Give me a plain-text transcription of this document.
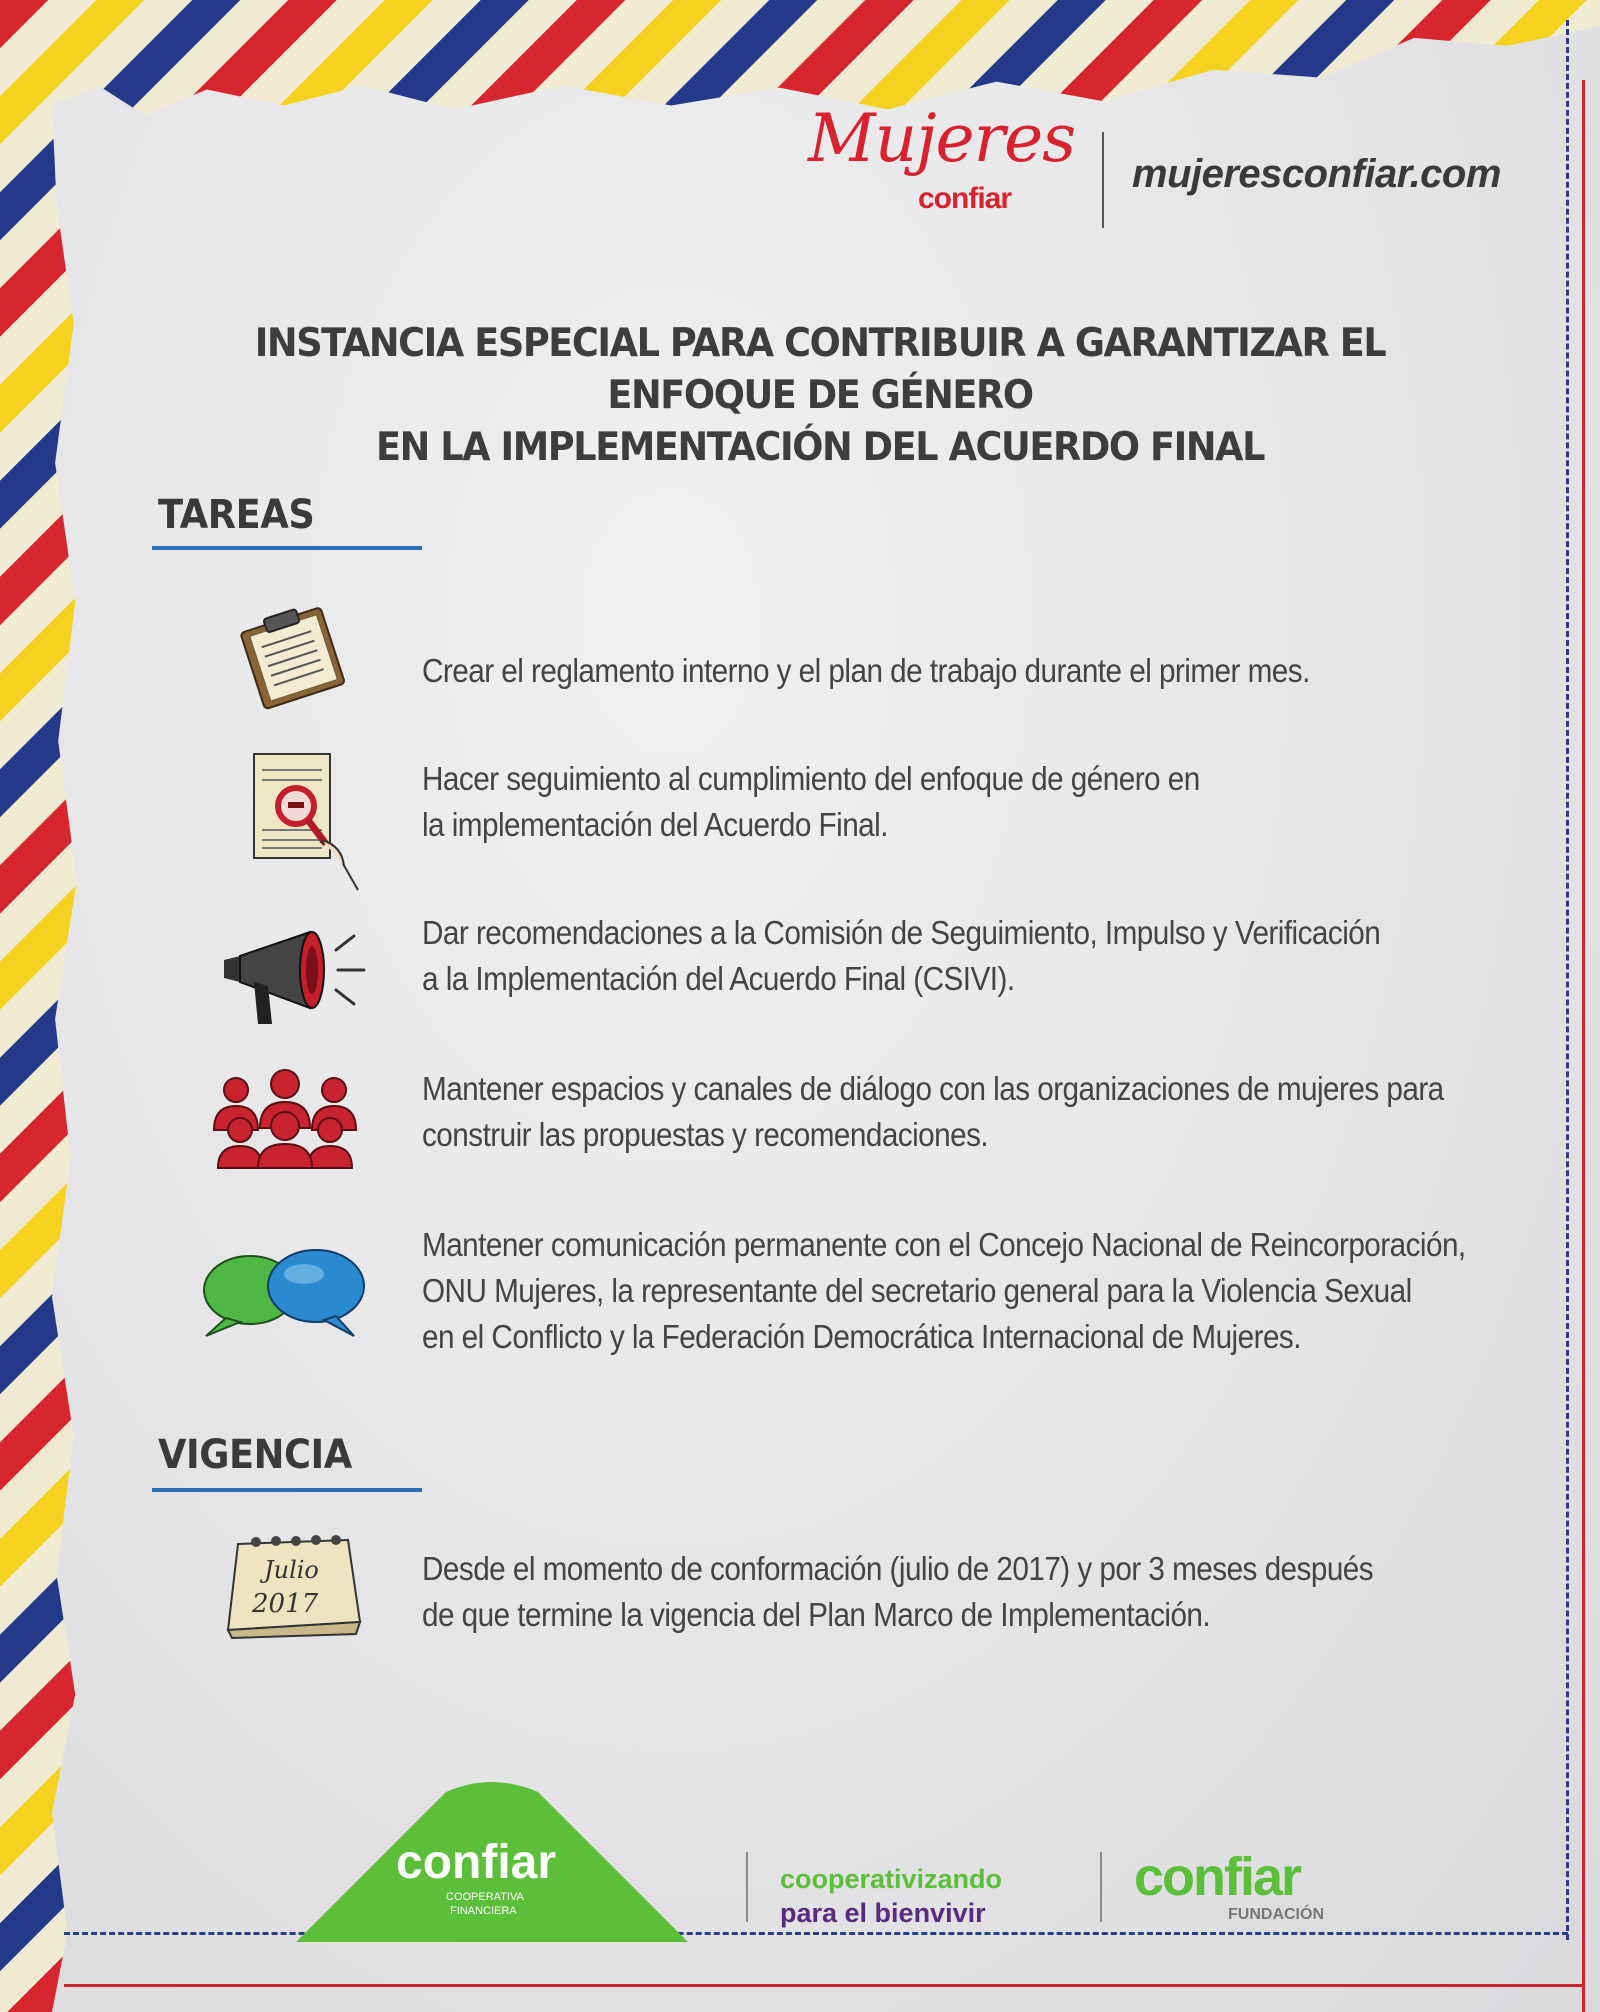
Mujeres
confiar
mujeresconfiar.com
INSTANCIA ESPECIAL PARA CONTRIBUIR A GARANTIZAR EL ENFOQUE DE GÉNERO
EN LA IMPLEMENTACIÓN DEL ACUERDO FINAL
TAREAS
Crear el reglamento interno y el plan de trabajo durante el primer mes.
Hacer seguimiento al cumplimiento del enfoque de género en
la implementación del Acuerdo Final.
Dar recomendaciones a la Comisión de Seguimiento, Impulso y Verificación
a la Implementación del Acuerdo Final (CSIVI).
Mantener espacios y canales de diálogo con las organizaciones de mujeres para
construir las propuestas y recomendaciones.
Mantener comunicación permanente con el Concejo Nacional de Reincorporación,
ONU Mujeres, la representante del secretario general para la Violencia Sexual
en el Conflicto y la Federación Democrática Internacional de Mujeres.
VIGENCIA
Julio
2017
Desde el momento de conformación (julio de 2017) y por 3 meses después
de que termine la vigencia del Plan Marco de Implementación.
confiar
COOPERATIVA
FINANCIERA
cooperativizando
para el bienvivir
confiar
FUNDACIÓN
